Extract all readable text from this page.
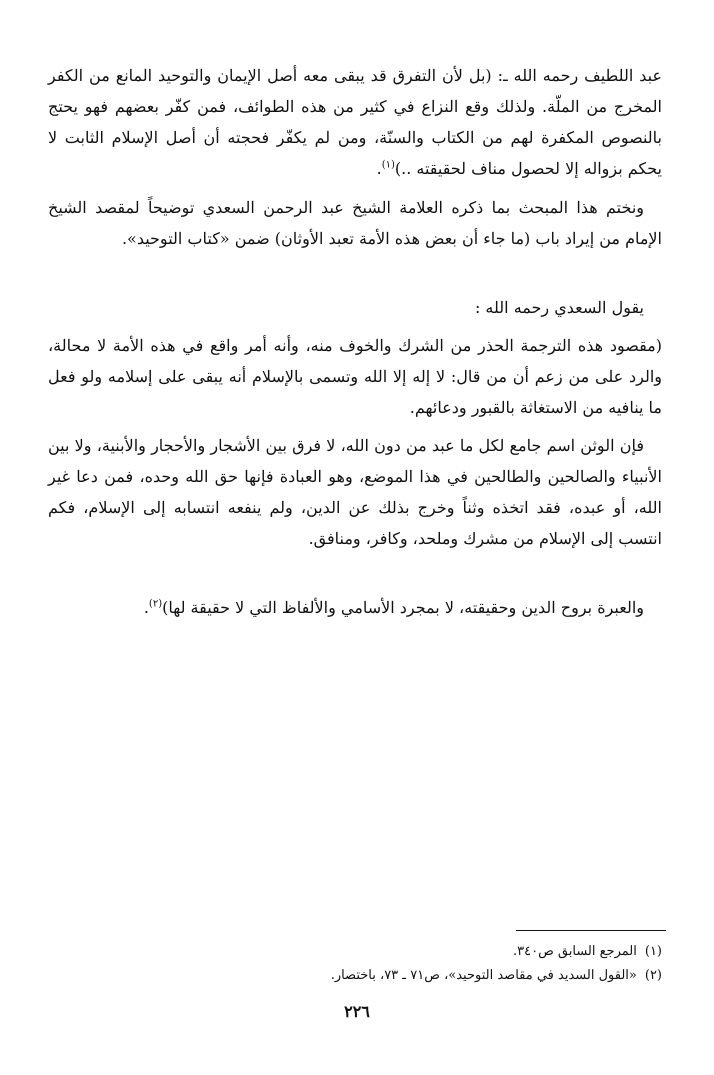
عبد اللطيف رحمه الله ـ: (بل لأن التفرق قد يبقى معه أصل الإيمان والتوحيد المانع من الكفر المخرج من الملّة. ولذلك وقع النزاع في كثير من هذه الطوائف، فمن كفّر بعضهم فهو يحتج بالنصوص المكفرة لهم من الكتاب والسنّة، ومن لم يكفّر فحجته أن أصل الإسلام الثابت لا يحكم بزواله إلا لحصول مناف لحقيقته ..)$^{(١)}$.

ونختم هذا المبحث بما ذكره العلامة الشيخ عبد الرحمن السعدي توضيحاً لمقصد الشيخ الإمام من إيراد باب (ما جاء أن بعض هذه الأمة تعبد الأوثان) ضمن «كتاب التوحيد».

يقول السعدي رحمه الله :

(مقصود هذه الترجمة الحذر من الشرك والخوف منه، وأنه أمر واقع في هذه الأمة لا محالة، والرد على من زعم أن من قال: لا إله إلا الله وتسمى بالإسلام أنه يبقى على إسلامه ولو فعل ما ينافيه من الاستغاثة بالقبور ودعائهم.

فإن الوثن اسم جامع لكل ما عبد من دون الله، لا فرق بين الأشجار والأحجار والأبنية، ولا بين الأنبياء والصالحين والطالحين في هذا الموضع، وهو العبادة فإنها حق الله وحده، فمن دعا غير الله، أو عبده، فقد اتخذه وثناً وخرج بذلك عن الدين، ولم ينفعه انتسابه إلى الإسلام، فكم انتسب إلى الإسلام من مشرك وملحد، وكافر، ومنافق.

والعبرة بروح الدين وحقيقته، لا بمجرد الأسامي والألفاظ التي لا حقيقة لها)$^{(٢)}$.

(١)المرجع السابق ص٣٤٠.

(٢)«القول السديد في مقاصد التوحيد»، ص٧١ ـ ٧٣، باختصار.

٢٢٦
